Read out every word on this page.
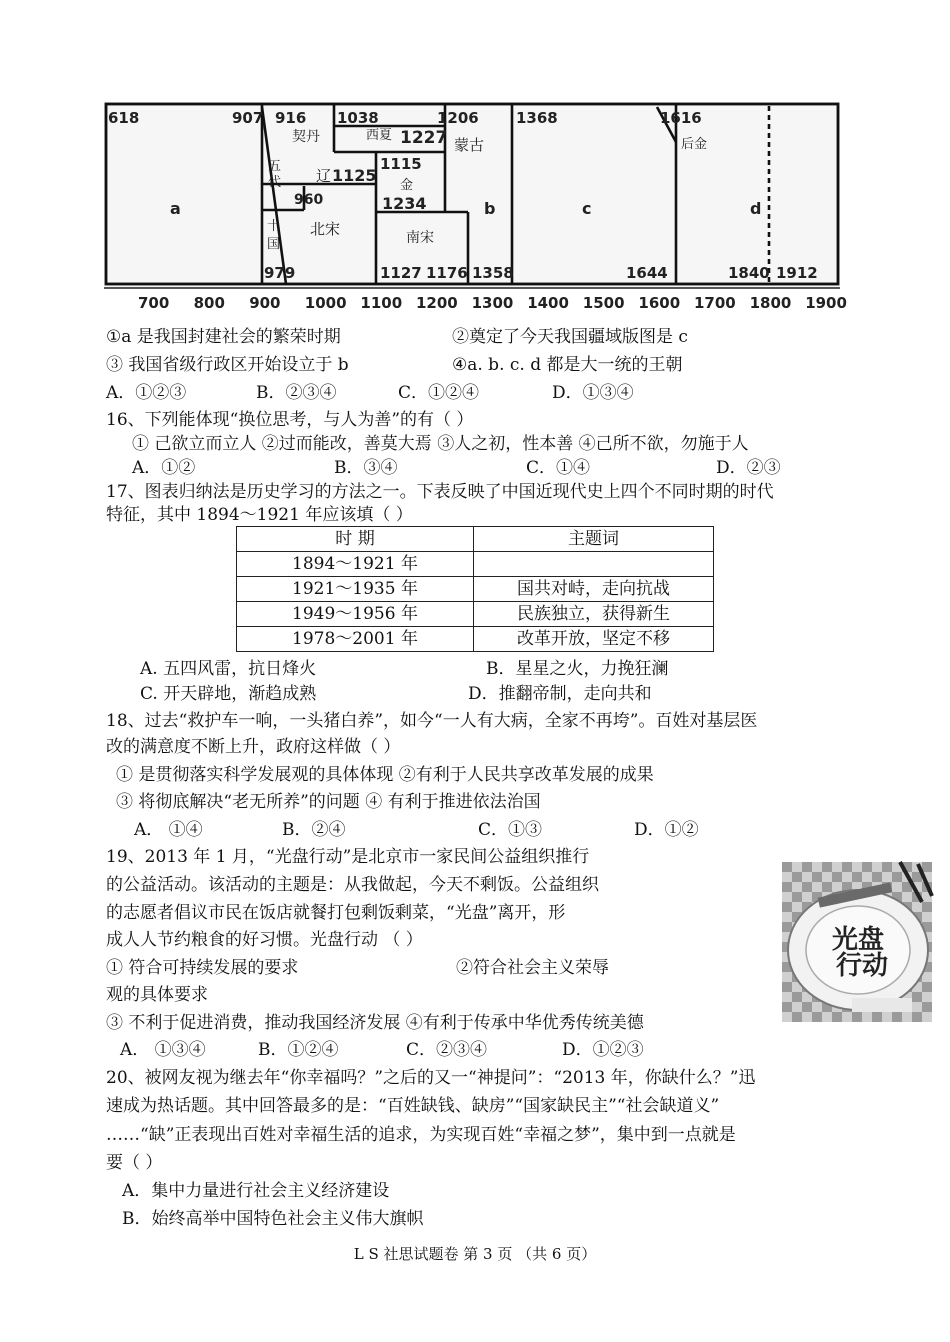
618	907 916 1038	1206 1368	1616
1227
1125
1115
1234
960
979	1127 1176 1358	1644	1840 1912
契丹	西夏
蒙古	后金
五
代 辽
金
十
国
北宋	南宋
a	b	c	d
700 800 900 1000 1100 1200 1300 1400 1500 1600 1700 1800 1900
①a 是我国封建社会的繁荣时期	②奠定了今天我国疆域版图是 c
③ 我国省级行政区开始设立于 b	④a. b. c. d 都是大一统的王朝
A．①②③	B．②③④	C．①②④	D．①③④
16、下列能体现“换位思考，与人为善”的有（ ）
① 己欲立而立人 ②过而能改，善莫大焉 ③人之初，性本善 ④己所不欲，勿施于人
A．①②	B．③④	C．①④	D．②③
17、图表归纳法是历史学习的方法之一。下表反映了中国近现代史上四个不同时期的时代
特征，其中 1894～1921 年应该填（ ）
时 期	主题词
1894～1921 年	
1921～1935 年	国共对峙，走向抗战
1949～1956 年	民族独立，获得新生
1978～2001 年	改革开放，坚定不移
A. 五四风雷，抗日烽火	B．星星之火，力挽狂澜
C. 开天辟地，渐趋成熟	D．推翻帝制，走向共和
18、过去“救护车一响，一头猪白养”，如今“一人有大病，全家不再垮”。百姓对基层医
改的满意度不断上升，政府这样做（ ）
① 是贯彻落实科学发展观的具体体现 ②有利于人民共享改革发展的成果
③ 将彻底解决“老无所养”的问题 ④ 有利于推进依法治国
A． ①④	B．②④	C．①③	D．①②
19、2013 年 1 月，“光盘行动”是北京市一家民间公益组织推行
的公益活动。该活动的主题是：从我做起，今天不剩饭。公益组织
的志愿者倡议市民在饭店就餐打包剩饭剩菜，“光盘”离开，形
成人人节约粮食的好习惯。光盘行动 （ ）
① 符合可持续发展的要求	②符合社会主义荣辱
观的具体要求
③ 不利于促进消费，推动我国经济发展 ④有利于传承中华优秀传统美德
A． ①③④	B．①②④	C．②③④	D．①②③
光盘
行动
20、被网友视为继去年“你幸福吗？”之后的又一“神提问”：“2013 年，你缺什么？”迅
速成为热话题。其中回答最多的是：“百姓缺钱、缺房”“国家缺民主”“社会缺道义”
……“缺”正表现出百姓对幸福生活的追求，为实现百姓“幸福之梦”，集中到一点就是
要（ ）
A．集中力量进行社会主义经济建设
B．始终高举中国特色社会主义伟大旗帜
L S 社思试题卷 第 3 页 （共 6 页）
